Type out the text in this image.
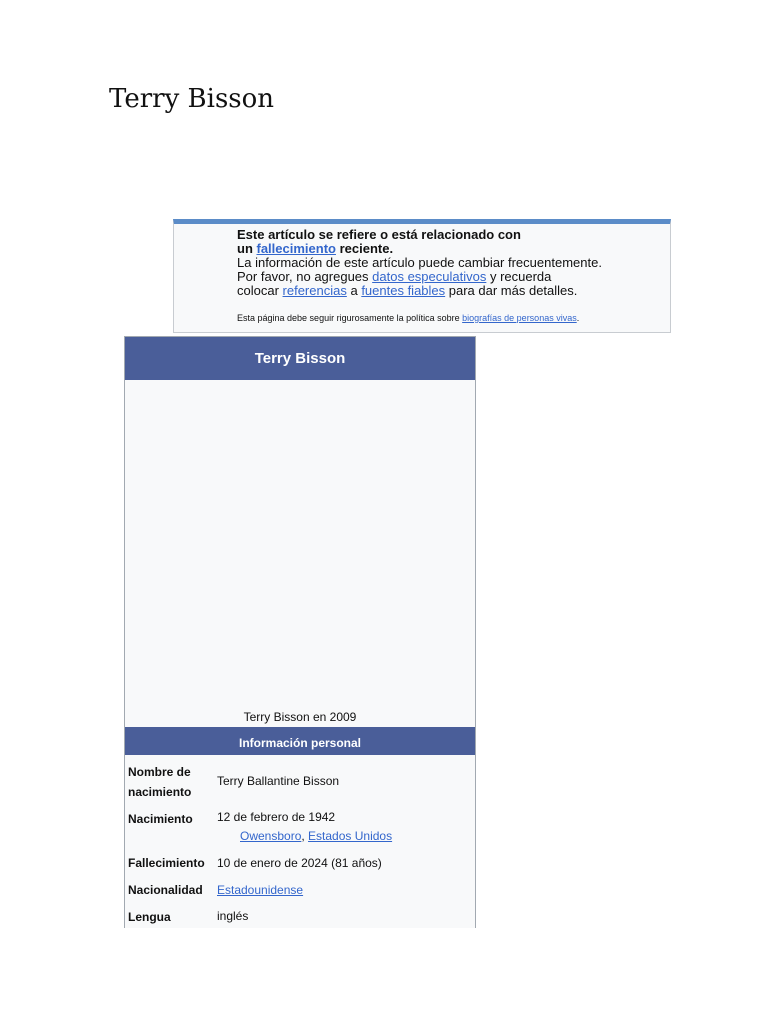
Terry Bisson
Este artículo se refiere o está relacionado con
un fallecimiento reciente.
La información de este artículo puede cambiar frecuentemente.
Por favor, no agregues datos especulativos y recuerda
colocar referencias a fuentes fiables para dar más detalles.
Esta página debe seguir rigurosamente la política sobre biografías de personas vivas.
Terry Bisson
Terry Bisson en 2009
Información personal
Nombre de nacimiento
Terry Ballantine Bisson
Nacimiento 12 de febrero de 1942
Owensboro, Estados Unidos
Fallecimiento 10 de enero de 2024 (81 años)
Nacionalidad Estadounidense
Lengua	inglés
